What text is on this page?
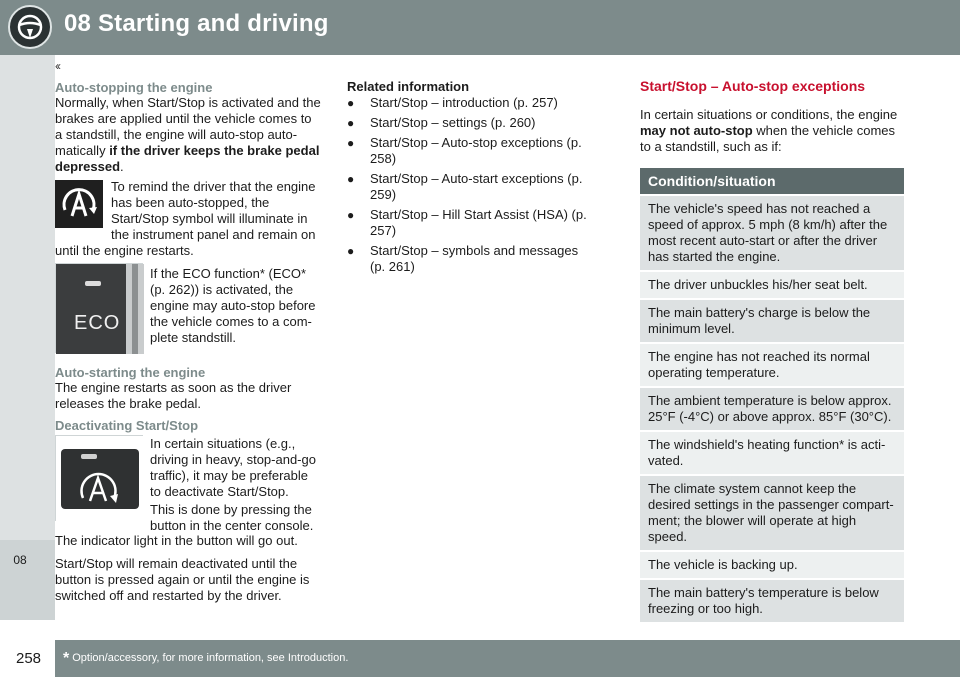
08 Starting and driving
‹‹
08
Auto-stopping the engine
Normally, when Start/Stop is activated and the brakes are applied until the vehicle comes to a standstill, the engine will auto-stop auto-matically if the driver keeps the brake pedal depressed.
To remind the driver that the engine has been auto-stopped, the Start/Stop symbol will illuminate in the instrument panel and remain on
until the engine restarts.
ECO
If the ECO function* (ECO* (p. 262)) is activated, the engine may auto-stop before the vehicle comes to a com-plete standstill.
Auto-starting the engine
The engine restarts as soon as the driver releases the brake pedal.
Deactivating Start/Stop
In certain situations (e.g., driving in heavy, stop-and-go traffic), it may be preferable to deactivate Start/Stop.
This is done by pressing the button in the center console.
The indicator light in the button will go out.
Start/Stop will remain deactivated until the button is pressed again or until the engine is switched off and restarted by the driver.
Related information
● Start/Stop – introduction (p. 257)
● Start/Stop – settings (p. 260)
● Start/Stop – Auto-stop exceptions (p. 258)
● Start/Stop – Auto-start exceptions (p. 259)
● Start/Stop – Hill Start Assist (HSA) (p. 257)
● Start/Stop – symbols and messages (p. 261)
Start/Stop – Auto-stop exceptions
In certain situations or conditions, the engine may not auto-stop when the vehicle comes to a standstill, such as if:
Condition/situation
The vehicle's speed has not reached a speed of approx. 5 mph (8 km/h) after the most recent auto-start or after the driver has started the engine.
The driver unbuckles his/her seat belt.
The main battery's charge is below the minimum level.
The engine has not reached its normal operating temperature.
The ambient temperature is below approx. 25°F (-4°C) or above approx. 85°F (30°C).
The windshield's heating function* is acti-vated.
The climate system cannot keep the desired settings in the passenger compart-ment; the blower will operate at high speed.
The vehicle is backing up.
The main battery's temperature is below freezing or too high.
258	* Option/accessory, for more information, see Introduction.
